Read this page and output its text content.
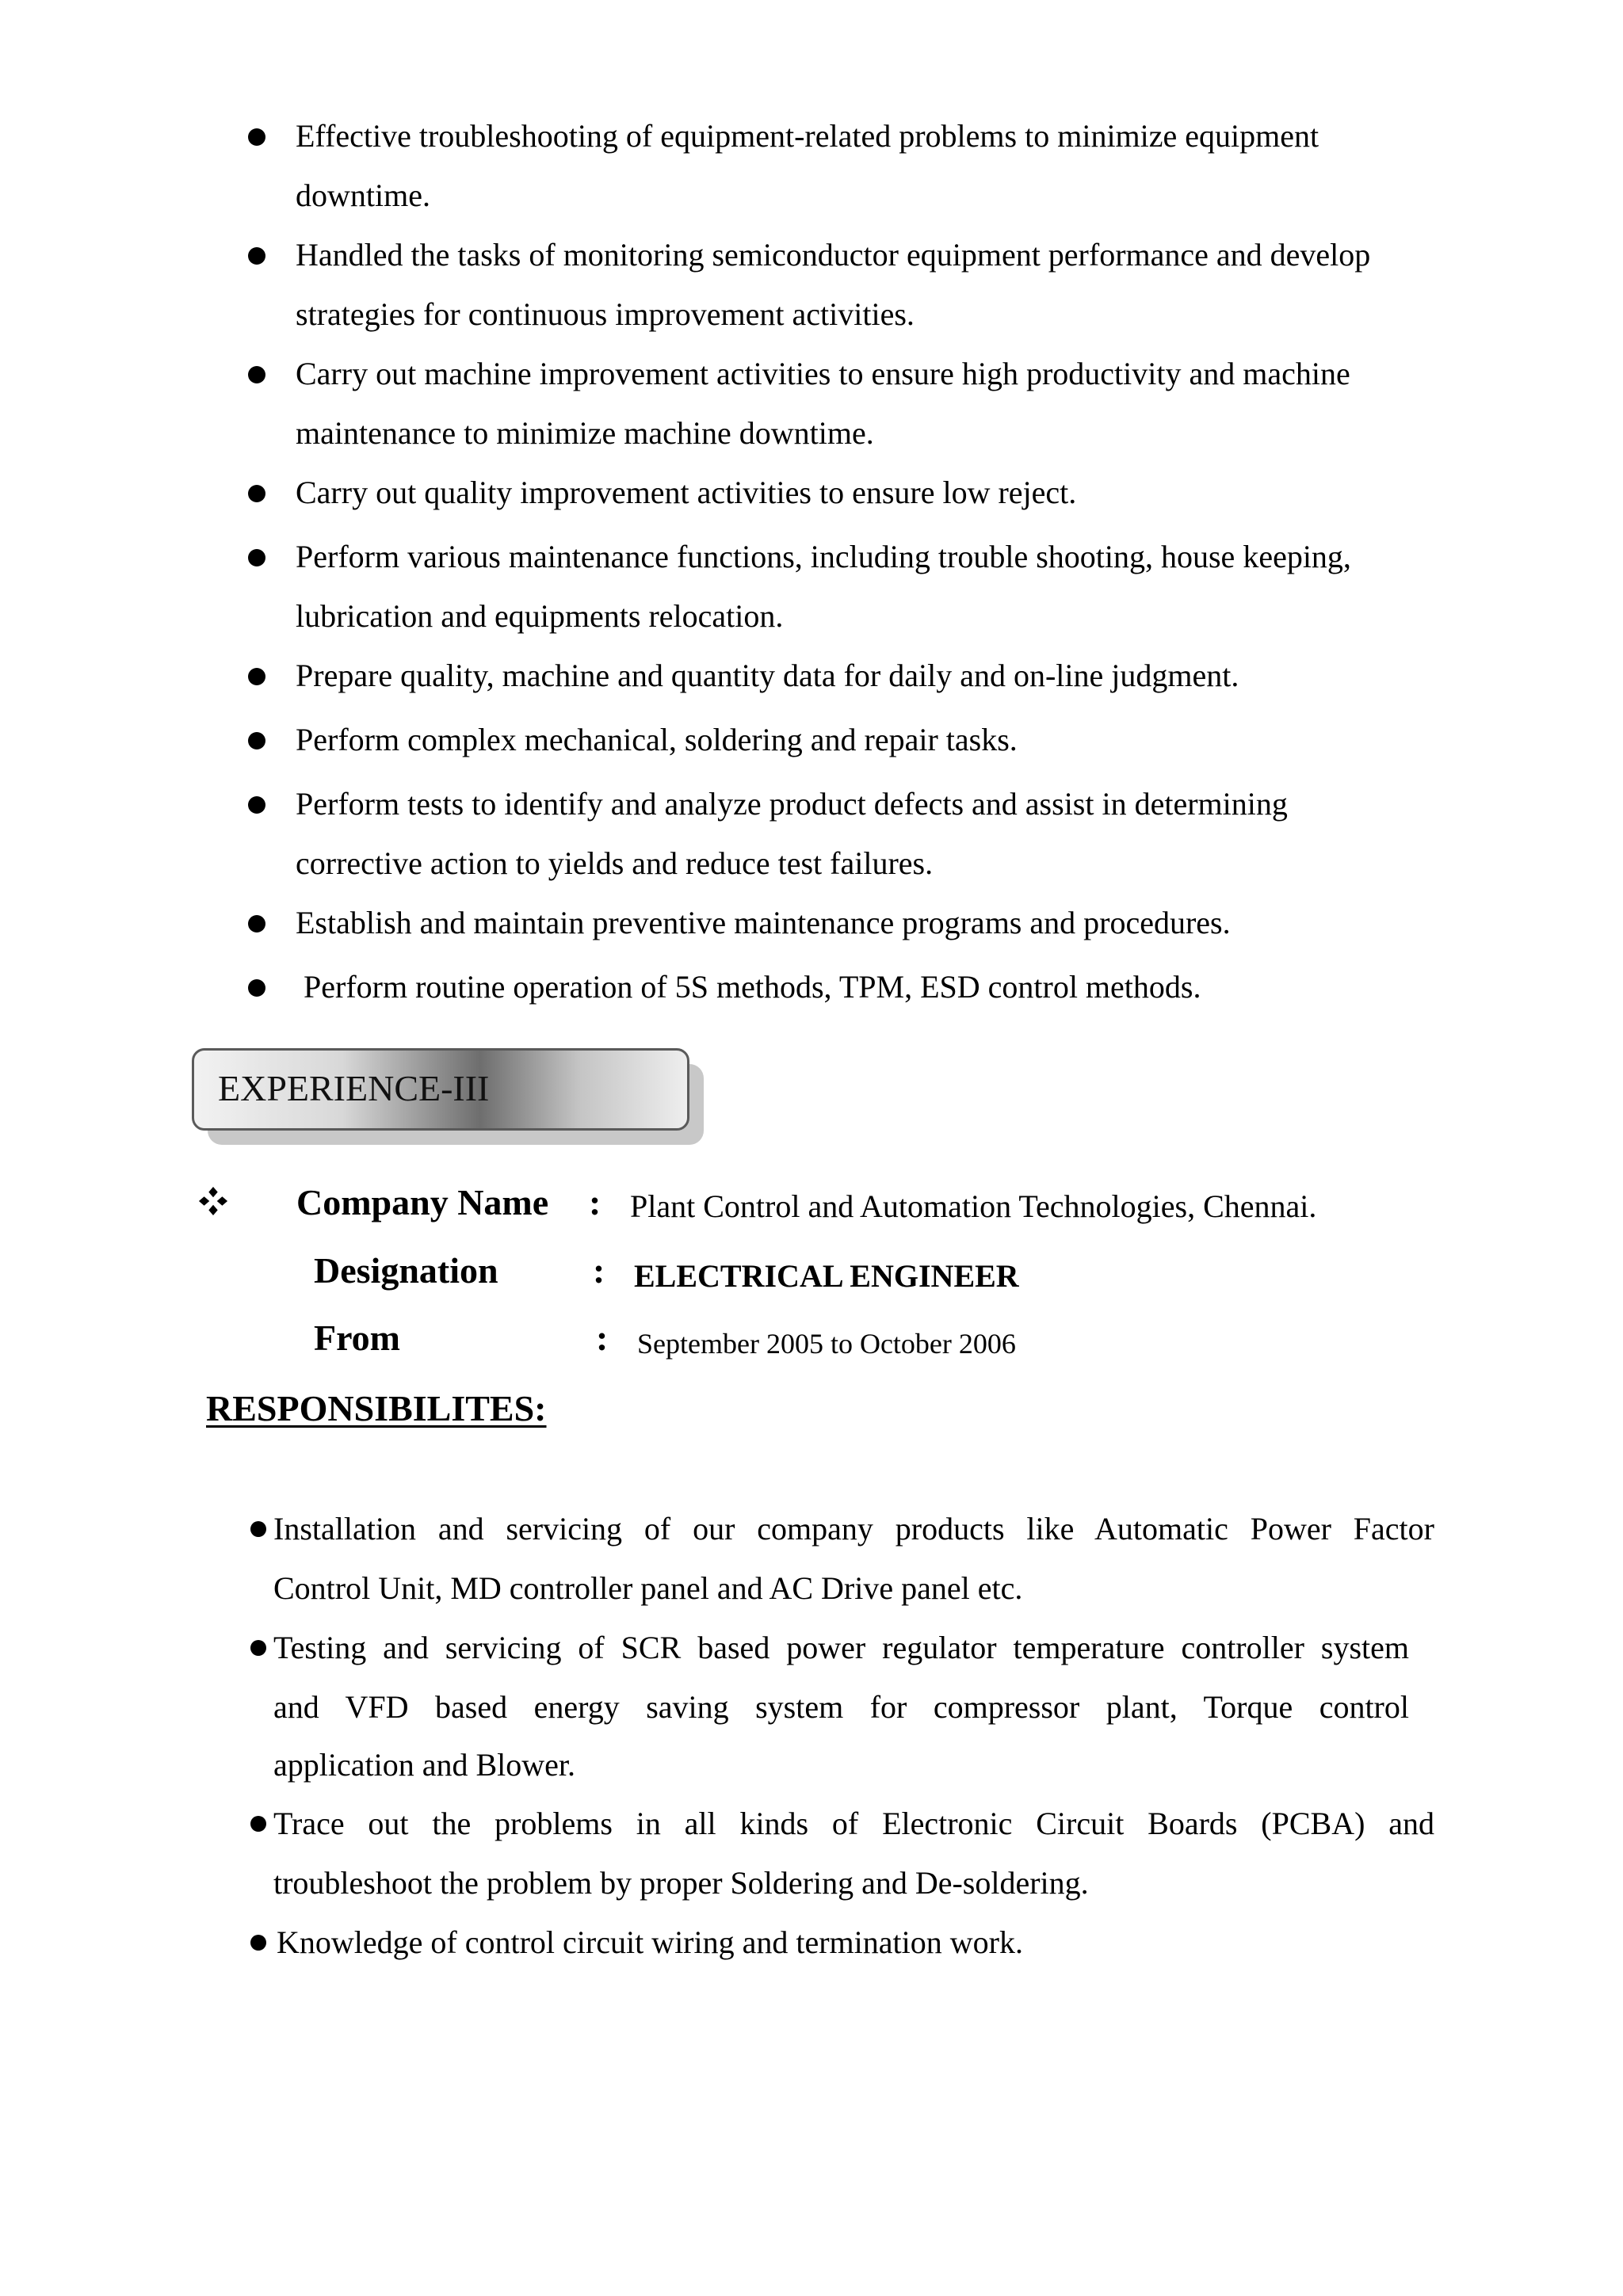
Effective troubleshooting of equipment-related problems to minimize equipment
downtime.
Handled the tasks of monitoring semiconductor equipment performance and develop
strategies for continuous improvement activities.
Carry out machine improvement activities to ensure high productivity and machine
maintenance to minimize machine downtime.
Carry out quality improvement activities to ensure low reject.
Perform various maintenance functions, including trouble shooting, house keeping,
lubrication and equipments relocation.
Prepare quality, machine and quantity data for daily and on-line judgment.
Perform complex mechanical, soldering and repair tasks.
Perform tests to identify and analyze product defects and assist in determining
corrective action to yields and reduce test failures.
Establish and maintain preventive maintenance programs and procedures.
Perform routine operation of 5S methods, TPM, ESD control methods.
EXPERIENCE-III
Company Name : Plant Control and Automation Technologies, Chennai.
Designation	: ELECTRICAL ENGINEER
From	: September 2005 to October 2006
RESPONSIBILITES:
Installation and servicing of our company products like Automatic Power Factor
Control Unit, MD controller panel and AC Drive panel etc.
Testing and servicing of SCR based power regulator temperature controller system
and VFD based energy saving system for compressor plant, Torque control
application and Blower.
Trace out the problems in all kinds of Electronic Circuit Boards (PCBA) and
troubleshoot the problem by proper Soldering and De-soldering.
Knowledge of control circuit wiring and termination work.
